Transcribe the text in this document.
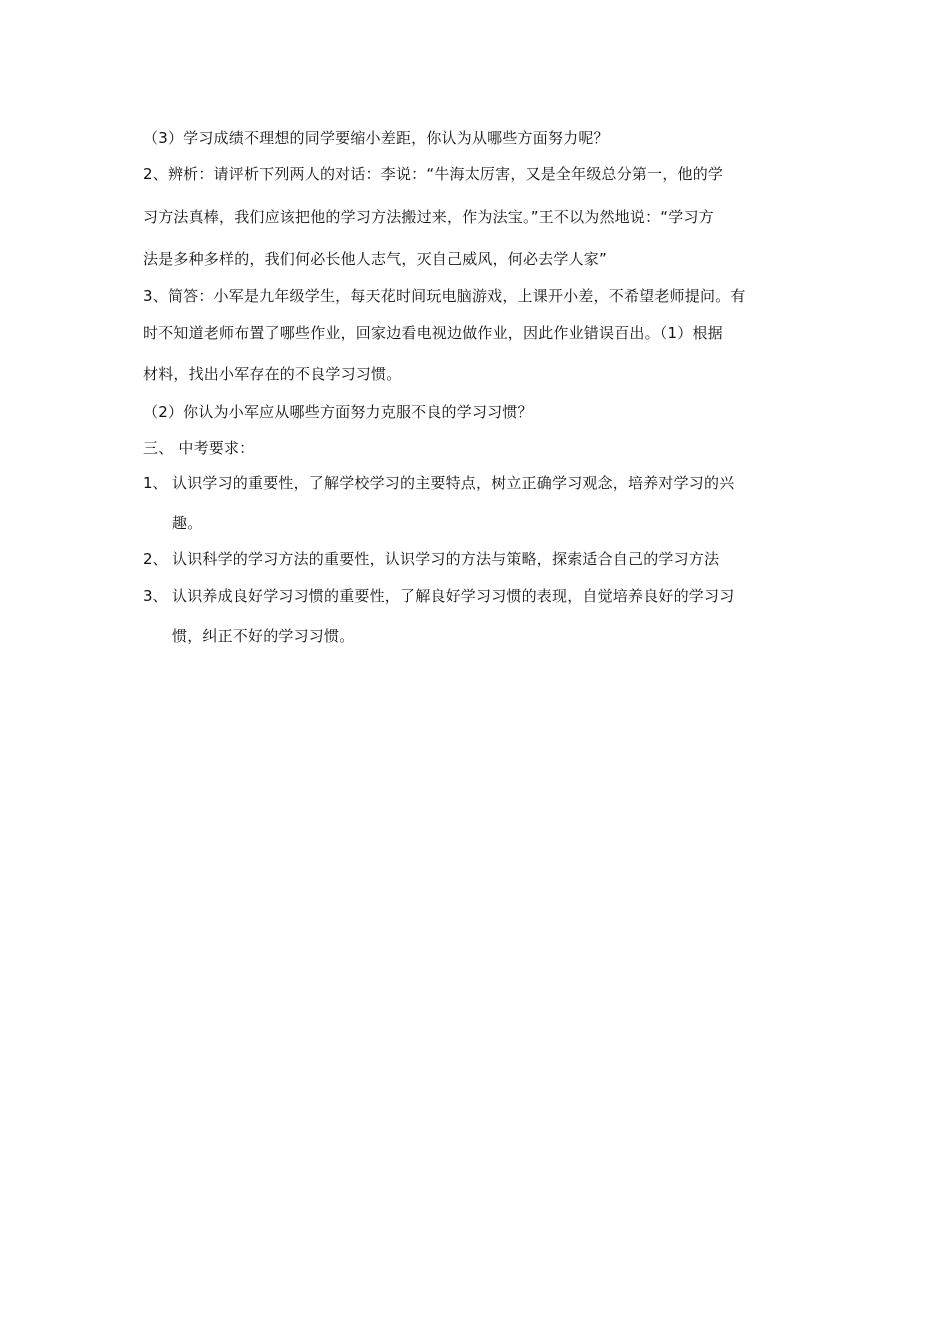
（3）学习成绩不理想的同学要缩小差距，你认为从哪些方面努力呢？
2、辨析：请评析下列两人的对话：李说：“牛海太厉害，又是全年级总分第一，他的学
习方法真棒，我们应该把他的学习方法搬过来，作为法宝。”王不以为然地说：“学习方
法是多种多样的，我们何必长他人志气，灭自己威风，何必去学人家”
3、简答：小军是九年级学生，每天花时间玩电脑游戏，上课开小差，不希望老师提问。有
时不知道老师布置了哪些作业，回家边看电视边做作业，因此作业错误百出。（1）根据
材料，找出小军存在的不良学习习惯。
（2）你认为小军应从哪些方面努力克服不良的学习习惯？
三、 中考要求：
1、 认识学习的重要性，了解学校学习的主要特点，树立正确学习观念，培养对学习的兴
趣。
2、 认识科学的学习方法的重要性，认识学习的方法与策略，探索适合自己的学习方法
3、 认识养成良好学习习惯的重要性，了解良好学习习惯的表现，自觉培养良好的学习习
惯，纠正不好的学习习惯。
